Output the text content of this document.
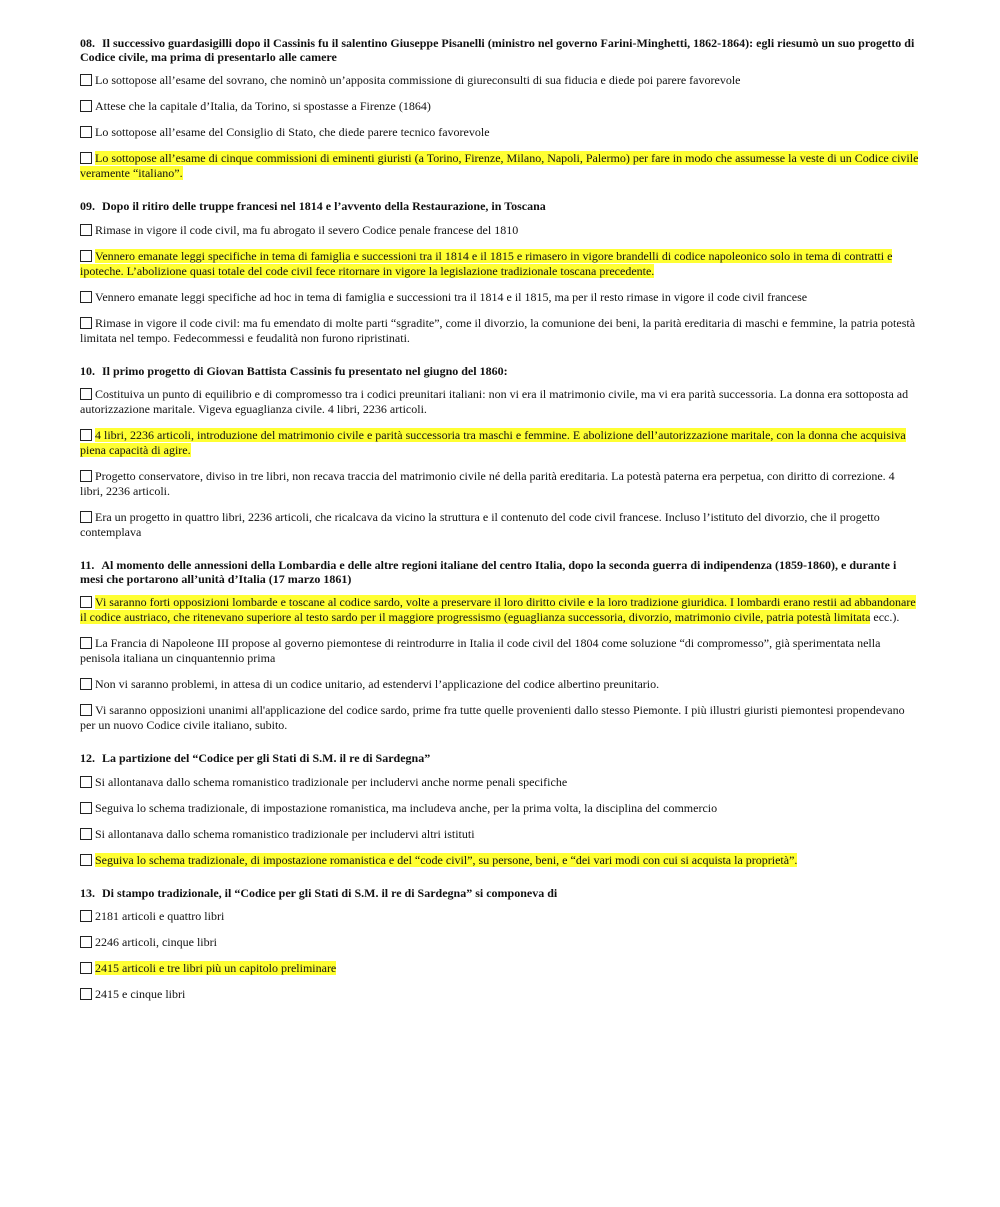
08. Il successivo guardasigilli dopo il Cassinis fu il salentino Giuseppe Pisanelli (ministro nel governo Farini-Minghetti, 1862-1864): egli riesumò un suo progetto di Codice civile, ma prima di presentarlo alle camere
Lo sottopose all’esame del sovrano, che nominò un’apposita commissione di giureconsulti di sua fiducia e diede poi parere favorevole
Attese che la capitale d’Italia, da Torino, si spostasse a Firenze (1864)
Lo sottopose all’esame del Consiglio di Stato, che diede parere tecnico favorevole
Lo sottopose all’esame di cinque commissioni di eminenti giuristi (a Torino, Firenze, Milano, Napoli, Palermo) per fare in modo che assumesse la veste di un Codice civile veramente “italiano”.
09. Dopo il ritiro delle truppe francesi nel 1814 e l’avvento della Restaurazione, in Toscana
Rimase in vigore il code civil, ma fu abrogato il severo Codice penale francese del 1810
Vennero emanate leggi specifiche in tema di famiglia e successioni tra il 1814 e il 1815 e rimasero in vigore brandelli di codice napoleonico solo in tema di contratti e ipoteche. L’abolizione quasi totale del code civil fece ritornare in vigore la legislazione tradizionale toscana precedente.
Vennero emanate leggi specifiche ad hoc in tema di famiglia e successioni tra il 1814 e il 1815, ma per il resto rimase in vigore il code civil francese
Rimase in vigore il code civil: ma fu emendato di molte parti “sgradite”, come il divorzio, la comunione dei beni, la parità ereditaria di maschi e femmine, la patria potestà limitata nel tempo. Fedecommessi e feudalità non furono ripristinati.
10. Il primo progetto di Giovan Battista Cassinis fu presentato nel giugno del 1860:
Costituiva un punto di equilibrio e di compromesso tra i codici preunitari italiani: non vi era il matrimonio civile, ma vi era parità successoria. La donna era sottoposta ad autorizzazione maritale. Vigeva eguaglianza civile. 4 libri, 2236 articoli.
4 libri, 2236 articoli, introduzione del matrimonio civile e parità successoria tra maschi e femmine. E abolizione dell’autorizzazione maritale, con la donna che acquisiva piena capacità di agire.
Progetto conservatore, diviso in tre libri, non recava traccia del matrimonio civile né della parità ereditaria. La potestà paterna era perpetua, con diritto di correzione. 4 libri, 2236 articoli.
Era un progetto in quattro libri, 2236 articoli, che ricalcava da vicino la struttura e il contenuto del code civil francese. Incluso l’istituto del divorzio, che il progetto contemplava
11. Al momento delle annessioni della Lombardia e delle altre regioni italiane del centro Italia, dopo la seconda guerra di indipendenza (1859-1860), e durante i mesi che portarono all’unità d’Italia (17 marzo 1861)
Vi saranno forti opposizioni lombarde e toscane al codice sardo, volte a preservare il loro diritto civile e la loro tradizione giuridica. I lombardi erano restii ad abbandonare il codice austriaco, che ritenevano superiore al testo sardo per il maggiore progressismo (eguaglianza successoria, divorzio, matrimonio civile, patria potestà limitata ecc.).
La Francia di Napoleone III propose al governo piemontese di reintrodurre in Italia il code civil del 1804 come soluzione “di compromesso”, già sperimentata nella penisola italiana un cinquantennio prima
Non vi saranno problemi, in attesa di un codice unitario, ad estendervi l’applicazione del codice albertino preunitario.
Vi saranno opposizioni unanimi all'applicazione del codice sardo, prime fra tutte quelle provenienti dallo stesso Piemonte. I più illustri giuristi piemontesi propendevano per un nuovo Codice civile italiano, subito.
12. La partizione del “Codice per gli Stati di S.M. il re di Sardegna”
Si allontanava dallo schema romanistico tradizionale per includervi anche norme penali specifiche
Seguiva lo schema tradizionale, di impostazione romanistica, ma includeva anche, per la prima volta, la disciplina del commercio
Si allontanava dallo schema romanistico tradizionale per includervi altri istituti
Seguiva lo schema tradizionale, di impostazione romanistica e del “code civil”, su persone, beni, e “dei vari modi con cui si acquista la proprietà”.
13. Di stampo tradizionale, il “Codice per gli Stati di S.M. il re di Sardegna” si componeva di
2181 articoli e quattro libri
2246 articoli, cinque libri
2415 articoli e tre libri più un capitolo preliminare
2415 e cinque libri
